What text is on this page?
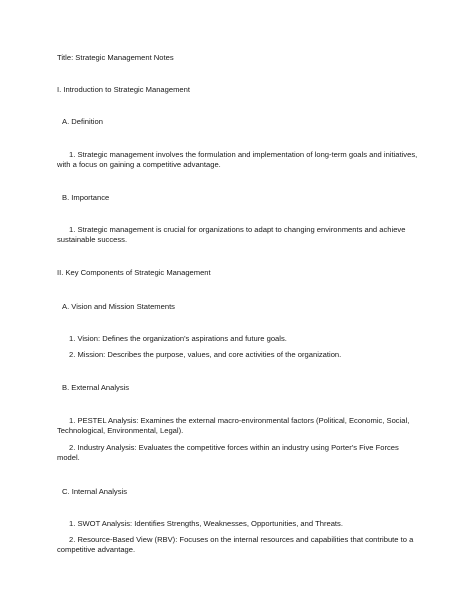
Title: Strategic Management Notes
I. Introduction to Strategic Management
A. Definition
1. Strategic management involves the formulation and implementation of long-term goals and initiatives, with a focus on gaining a competitive advantage.
B. Importance
1. Strategic management is crucial for organizations to adapt to changing environments and achieve sustainable success.
II. Key Components of Strategic Management
A. Vision and Mission Statements
1. Vision: Defines the organization's aspirations and future goals.
2. Mission: Describes the purpose, values, and core activities of the organization.
B. External Analysis
1. PESTEL Analysis: Examines the external macro-environmental factors (Political, Economic, Social, Technological, Environmental, Legal).
2. Industry Analysis: Evaluates the competitive forces within an industry using Porter's Five Forces model.
C. Internal Analysis
1. SWOT Analysis: Identifies Strengths, Weaknesses, Opportunities, and Threats.
2. Resource-Based View (RBV): Focuses on the internal resources and capabilities that contribute to a competitive advantage.
